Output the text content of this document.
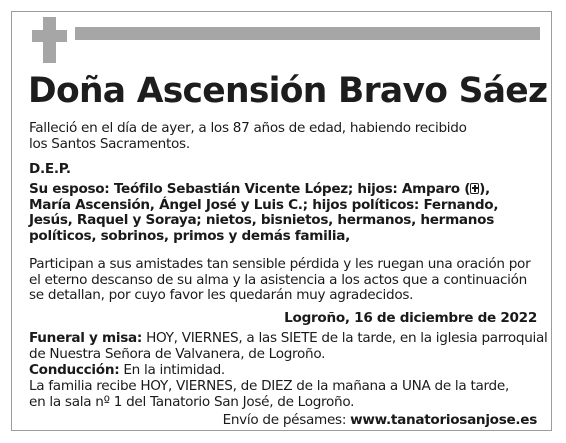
Doña Ascensión Bravo Sáez

Falleció en el día de ayer, a los 87 años de edad, habiendo recibido
los Santos Sacramentos.

D.E.P.

Su esposo: Teófilo Sebastián Vicente López; hijos: Amparo ( ),
María Ascensión, Ángel José y Luis C.; hijos políticos: Fernando,
Jesús, Raquel y Soraya; nietos, bisnietos, hermanos, hermanos
políticos, sobrinos, primos y demás familia,

Participan a sus amistades tan sensible pérdida y les ruegan una oración por
el eterno descanso de su alma y la asistencia a los actos que a continuación
se detallan, por cuyo favor les quedarán muy agradecidos.

Logroño, 16 de diciembre de 2022

Funeral y misa: HOY, VIERNES, a las SIETE de la tarde, en la iglesia parroquial
de Nuestra Señora de Valvanera, de Logroño.

Conducción: En la intimidad.

La familia recibe HOY, VIERNES, de DIEZ de la mañana a UNA de la tarde,
en la sala nº 1 del Tanatorio San José, de Logroño.

Envío de pésames: www.tanatoriosanjose.es
